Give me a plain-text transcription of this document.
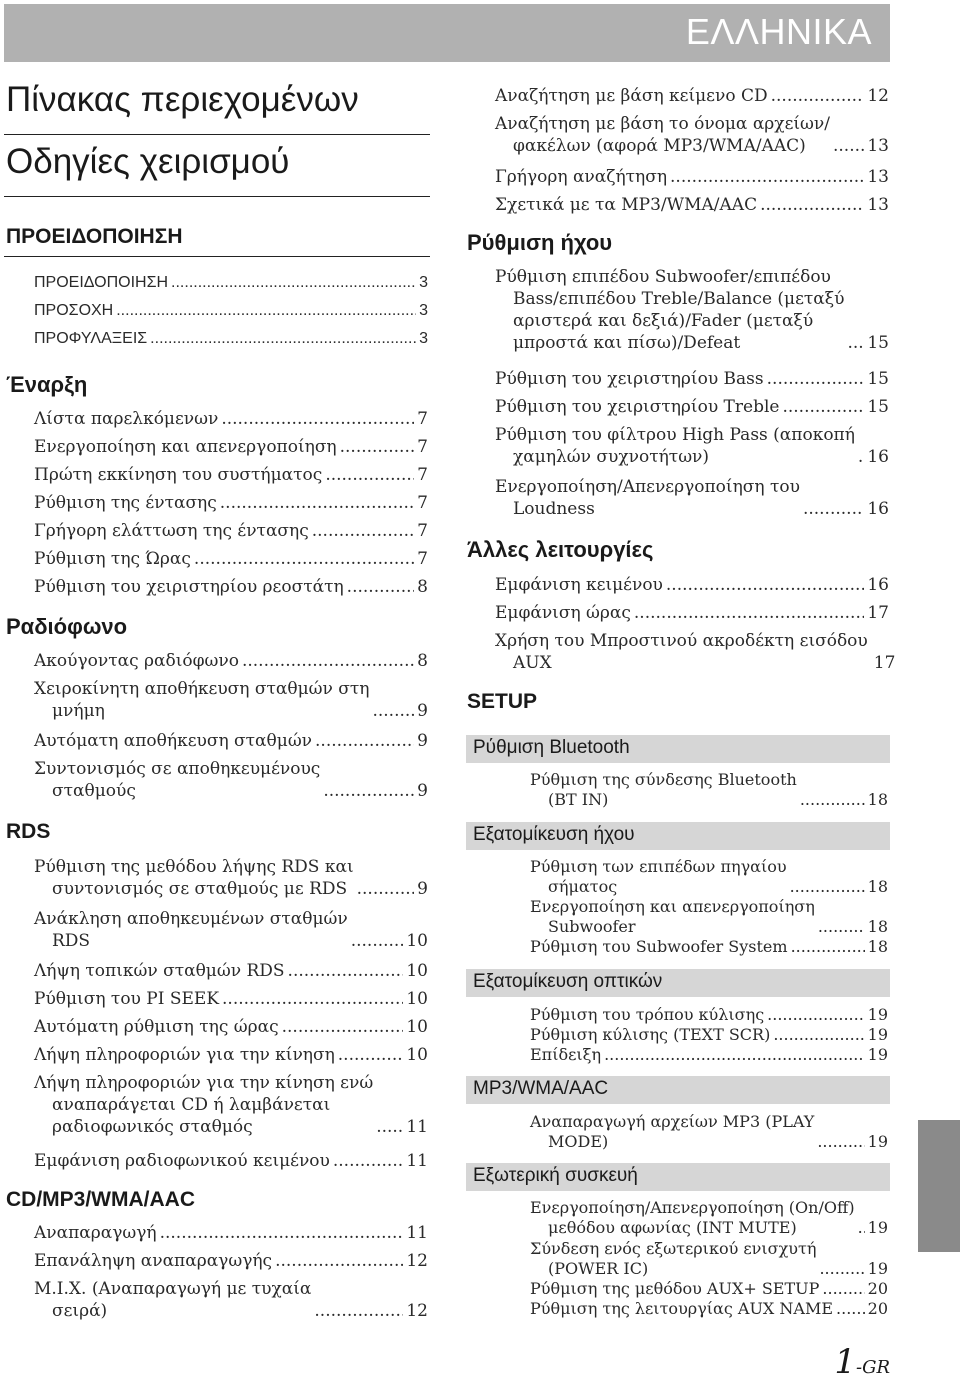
ΕΛΛΗΝΙΚΑ
Πίνακας περιεχομένων
Οδηγίες χειρισμού
ΠΡΟΕΙΔΟΠΟΙΗΣΗ
ΠΡΟΕΙΔΟΠΟΙΗΣΗ .....	3
ΠΡΟΣΟΧΗ .....	3
ΠΡΟΦΥΛΑΞΕΙΣ .....	3
Έναρξη
Λίστα παρελκόμενων .....	7
Ενεργοποίηση και απενεργοποίηση .....	7
Πρώτη εκκίνηση του συστήματος .....	7
Ρύθμιση της έντασης .....	7
Γρήγορη ελάττωση της έντασης .....	7
Ρύθμιση της Ώρας .....	7
Ρύθμιση του χειριστηρίου ρεοστάτη .....	8
Ραδιόφωνο
Ακούγοντας ραδιόφωνο .....	8
Χειροκίνητη αποθήκευση σταθμών στη
μνήμη .....	9
Αυτόματη αποθήκευση σταθμών .....	9
Συντονισμός σε αποθηκευμένους
σταθμούς .....	9
RDS
Ρύθμιση της μεθόδου λήψης RDS και
συντονισμός σε σταθμούς με RDS .....	9
Ανάκληση αποθηκευμένων σταθμών
RDS .....	10
Λήψη τοπικών σταθμών RDS .....	10
Ρύθμιση του PI SEEK .....	10
Αυτόματη ρύθμιση της ώρας .....	10
Λήψη πληροφοριών για την κίνηση .....	10
Λήψη πληροφοριών για την κίνηση ενώ
αναπαράγεται CD ή λαμβάνεται
ραδιοφωνικός σταθμός .....	11
Εμφάνιση ραδιοφωνικού κειμένου .....	11
CD/MP3/WMA/AAC
Αναπαραγωγή .....	11
Επανάληψη αναπαραγωγής .....	12
M.I.X. (Αναπαραγωγή με τυχαία
σειρά) .....	12
Αναζήτηση με βάση κείμενο CD .....	12
Αναζήτηση με βάση το όνομα αρχείων/
φακέλων (αφορά MP3/WMA/AAC) .....	13
Γρήγορη αναζήτηση .....	13
Σχετικά με τα MP3/WMA/AAC .....	13
Ρύθμιση ήχου
Ρύθμιση επιπέδου Subwoofer/επιπέδου
Bass/επιπέδου Treble/Balance (μεταξύ
αριστερά και δεξιά)/Fader (μεταξύ
μπροστά και πίσω)/Defeat .....	15
Ρύθμιση του χειριστηρίου Bass .....	15
Ρύθμιση του χειριστηρίου Treble .....	15
Ρύθμιση του φίλτρου High Pass (αποκοπή
χαμηλών συχνοτήτων) .....	16
Ενεργοποίηση/Απενεργοποίηση του
Loudness .....	16
Άλλες λειτουργίες
Εμφάνιση κειμένου .....	16
Εμφάνιση ώρας .....	17
Χρήση του Μπροστινού ακροδέκτη εισόδου
AUX	17
SETUP
Ρύθμιση Bluetooth
Ρύθμιση της σύνδεσης Bluetooth
(BT IN) .....	18
Εξατομίκευση ήχου
Ρύθμιση των επιπέδων πηγαίου
σήματος .....	18
Ενεργοποίηση και απενεργοποίηση
Subwoofer .....	18
Ρύθμιση του Subwoofer System .....	18
Εξατομίκευση οπτικών
Ρύθμιση του τρόπου κύλισης .....	19
Ρύθμιση κύλισης (TEXT SCR) .....	19
Επίδειξη .....	19
MP3/WMA/AAC
Αναπαραγωγή αρχείων MP3 (PLAY
MODE) .....	19
Εξωτερική συσκευή
Ενεργοποίηση/Απενεργοποίηση (On/Off)
μεθόδου αφωνίας (INT MUTE) .....	19
Σύνδεση ενός εξωτερικού ενισχυτή
(POWER IC) .....	19
Ρύθμιση της μεθόδου AUX+ SETUP .....	20
Ρύθμιση της λειτουργίας AUX NAME ..... 20
1-GR
